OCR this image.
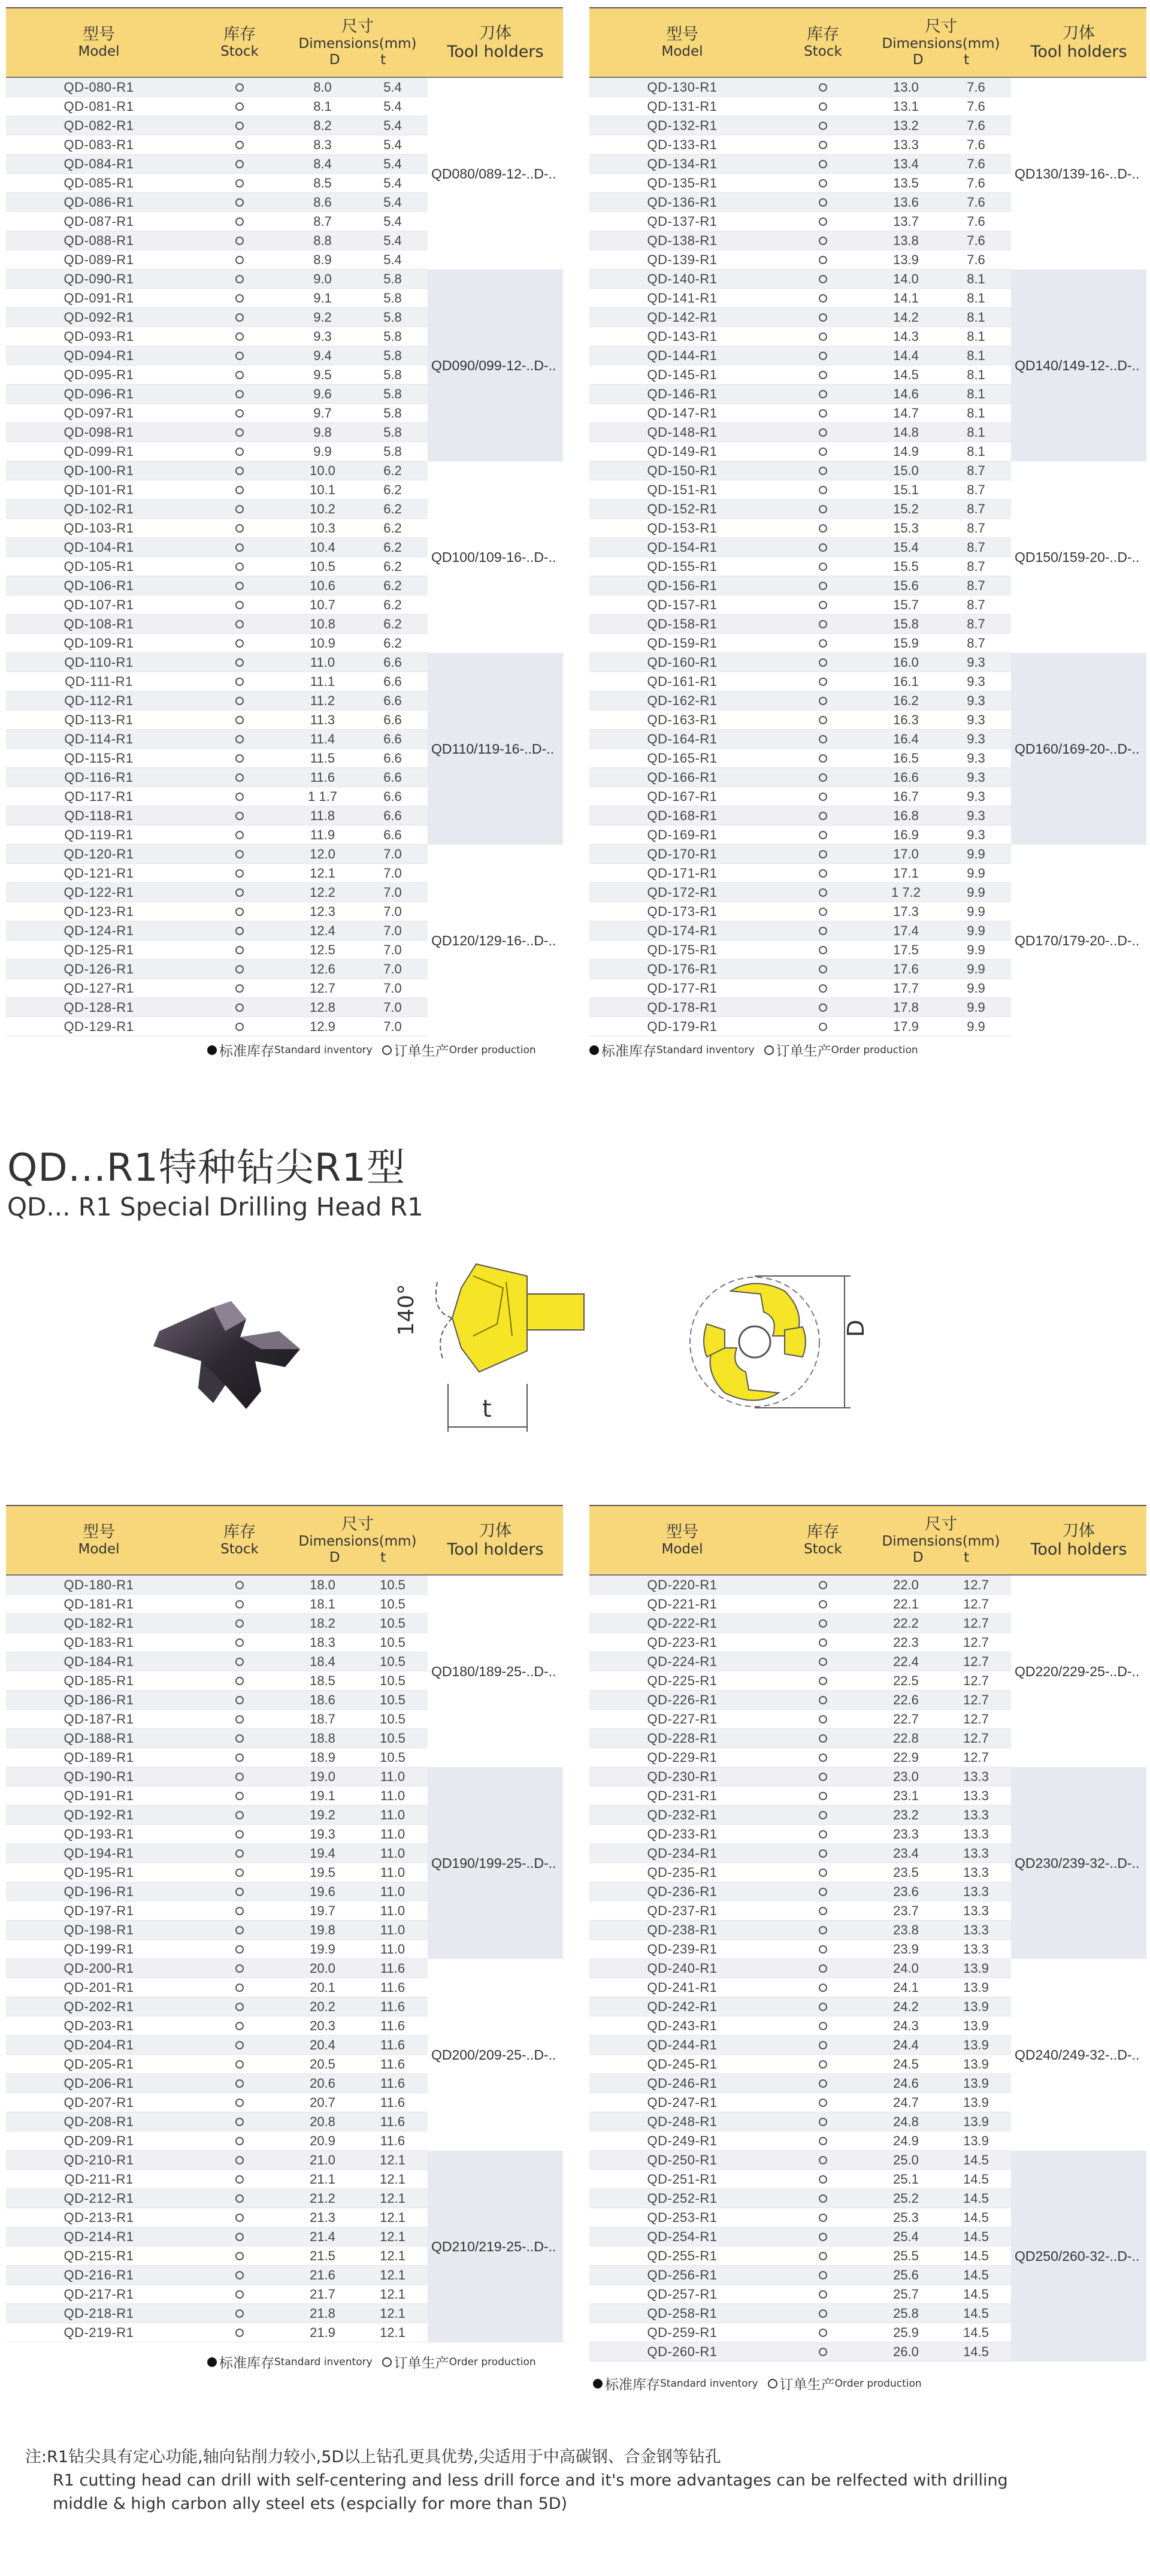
型号
Model
库存
Stock
尺寸
Dimensions(mm)
D	t
刀体
Tool holders
QD-080-R1	8.0	5.4
QD-081-R1	8.1	5.4
QD-082-R1	8.2	5.4
QD-083-R1	8.3	5.4
QD-084-R1	8.4	5.4
QD-085-R1	8.5	5.4
QD-086-R1	8.6	5.4
QD-087-R1	8.7	5.4
QD-088-R1	8.8	5.4
QD-089-R1	8.9	5.4
QD-090-R1	9.0	5.8
QD-091-R1	9.1	5.8
QD-092-R1	9.2	5.8
QD-093-R1	9.3	5.8
QD-094-R1	9.4	5.8
QD-095-R1	9.5	5.8
QD-096-R1	9.6	5.8
QD-097-R1	9.7	5.8
QD-098-R1	9.8	5.8
QD-099-R1	9.9	5.8
QD-100-R1	10.0	6.2
QD-101-R1	10.1	6.2
QD-102-R1	10.2	6.2
QD-103-R1	10.3	6.2
QD-104-R1	10.4	6.2
QD-105-R1	10.5	6.2
QD-106-R1	10.6	6.2
QD-107-R1	10.7	6.2
QD-108-R1	10.8	6.2
QD-109-R1	10.9	6.2
QD-110-R1	11.0	6.6
QD-111-R1	11.1	6.6
QD-112-R1	11.2	6.6
QD-113-R1	11.3	6.6
QD-114-R1	11.4	6.6
QD-115-R1	11.5	6.6
QD-116-R1	11.6	6.6
QD-117-R1	1 1.7	6.6
QD-118-R1	11.8	6.6
QD-119-R1	11.9	6.6
QD-120-R1	12.0	7.0
QD-121-R1	12.1	7.0
QD-122-R1	12.2	7.0
QD-123-R1	12.3	7.0
QD-124-R1	12.4	7.0
QD-125-R1	12.5	7.0
QD-126-R1	12.6	7.0
QD-127-R1	12.7	7.0
QD-128-R1	12.8	7.0
QD-129-R1	12.9	7.0
QD080/089-12-..D-..
QD090/099-12-..D-..
QD100/109-16-..D-..
QD110/119-16-..D-..
QD120/129-16-..D-..
型号
Model
库存
Stock
尺寸
Dimensions(mm)
D	t
刀体
Tool holders
QD-130-R1	13.0	7.6
QD-131-R1	13.1	7.6
QD-132-R1	13.2	7.6
QD-133-R1	13.3	7.6
QD-134-R1	13.4	7.6
QD-135-R1	13.5	7.6
QD-136-R1	13.6	7.6
QD-137-R1	13.7	7.6
QD-138-R1	13.8	7.6
QD-139-R1	13.9	7.6
QD-140-R1	14.0	8.1
QD-141-R1	14.1	8.1
QD-142-R1	14.2	8.1
QD-143-R1	14.3	8.1
QD-144-R1	14.4	8.1
QD-145-R1	14.5	8.1
QD-146-R1	14.6	8.1
QD-147-R1	14.7	8.1
QD-148-R1	14.8	8.1
QD-149-R1	14.9	8.1
QD-150-R1	15.0	8.7
QD-151-R1	15.1	8.7
QD-152-R1	15.2	8.7
QD-153-R1	15.3	8.7
QD-154-R1	15.4	8.7
QD-155-R1	15.5	8.7
QD-156-R1	15.6	8.7
QD-157-R1	15.7	8.7
QD-158-R1	15.8	8.7
QD-159-R1	15.9	8.7
QD-160-R1	16.0	9.3
QD-161-R1	16.1	9.3
QD-162-R1	16.2	9.3
QD-163-R1	16.3	9.3
QD-164-R1	16.4	9.3
QD-165-R1	16.5	9.3
QD-166-R1	16.6	9.3
QD-167-R1	16.7	9.3
QD-168-R1	16.8	9.3
QD-169-R1	16.9	9.3
QD-170-R1	17.0	9.9
QD-171-R1	17.1	9.9
QD-172-R1	1 7.2	9.9
QD-173-R1	17.3	9.9
QD-174-R1	17.4	9.9
QD-175-R1	17.5	9.9
QD-176-R1	17.6	9.9
QD-177-R1	17.7	9.9
QD-178-R1	17.8	9.9
QD-179-R1	17.9	9.9
QD130/139-16-..D-..
QD140/149-12-..D-..
QD150/159-20-..D-..
QD160/169-20-..D-..
QD170/179-20-..D-..
标准库存 Standard inventory 订单生产 Order production	标准库存 Standard inventory 订单生产 Order production
QD...R1特种钻尖R1型
QD... R1 Special Drilling Head R1
140°
t
D
型号
Model
库存
Stock
尺寸
Dimensions(mm)
D	t
刀体
Tool holders
QD-180-R1	18.0	10.5
QD-181-R1	18.1	10.5
QD-182-R1	18.2	10.5
QD-183-R1	18.3	10.5
QD-184-R1	18.4	10.5
QD-185-R1	18.5	10.5
QD-186-R1	18.6	10.5
QD-187-R1	18.7	10.5
QD-188-R1	18.8	10.5
QD-189-R1	18.9	10.5
QD-190-R1	19.0	11.0
QD-191-R1	19.1	11.0
QD-192-R1	19.2	11.0
QD-193-R1	19.3	11.0
QD-194-R1	19.4	11.0
QD-195-R1	19.5	11.0
QD-196-R1	19.6	11.0
QD-197-R1	19.7	11.0
QD-198-R1	19.8	11.0
QD-199-R1	19.9	11.0
QD-200-R1	20.0	11.6
QD-201-R1	20.1	11.6
QD-202-R1	20.2	11.6
QD-203-R1	20.3	11.6
QD-204-R1	20.4	11.6
QD-205-R1	20.5	11.6
QD-206-R1	20.6	11.6
QD-207-R1	20.7	11.6
QD-208-R1	20.8	11.6
QD-209-R1	20.9	11.6
QD-210-R1	21.0	12.1
QD-211-R1	21.1	12.1
QD-212-R1	21.2	12.1
QD-213-R1	21.3	12.1
QD-214-R1	21.4	12.1
QD-215-R1	21.5	12.1
QD-216-R1	21.6	12.1
QD-217-R1	21.7	12.1
QD-218-R1	21.8	12.1
QD-219-R1	21.9	12.1
QD180/189-25-..D-..
QD190/199-25-..D-..
QD200/209-25-..D-..
QD210/219-25-..D-..
型号
Model
库存
Stock
尺寸
Dimensions(mm)
D	t
刀体
Tool holders
QD-220-R1	22.0	12.7
QD-221-R1	22.1	12.7
QD-222-R1	22.2	12.7
QD-223-R1	22.3	12.7
QD-224-R1	22.4	12.7
QD-225-R1	22.5	12.7
QD-226-R1	22.6	12.7
QD-227-R1	22.7	12.7
QD-228-R1	22.8	12.7
QD-229-R1	22.9	12.7
QD-230-R1	23.0	13.3
QD-231-R1	23.1	13.3
QD-232-R1	23.2	13.3
QD-233-R1	23.3	13.3
QD-234-R1	23.4	13.3
QD-235-R1	23.5	13.3
QD-236-R1	23.6	13.3
QD-237-R1	23.7	13.3
QD-238-R1	23.8	13.3
QD-239-R1	23.9	13.3
QD-240-R1	24.0	13.9
QD-241-R1	24.1	13.9
QD-242-R1	24.2	13.9
QD-243-R1	24.3	13.9
QD-244-R1	24.4	13.9
QD-245-R1	24.5	13.9
QD-246-R1	24.6	13.9
QD-247-R1	24.7	13.9
QD-248-R1	24.8	13.9
QD-249-R1	24.9	13.9
QD-250-R1	25.0	14.5
QD-251-R1	25.1	14.5
QD-252-R1	25.2	14.5
QD-253-R1	25.3	14.5
QD-254-R1	25.4	14.5
QD-255-R1	25.5	14.5
QD-256-R1	25.6	14.5
QD-257-R1	25.7	14.5
QD-258-R1	25.8	14.5
QD-259-R1	25.9	14.5
QD-260-R1	26.0	14.5
QD220/229-25-..D-..
QD230/239-32-..D-..
QD240/249-32-..D-..
QD250/260-32-..D-..
标准库存 Standard inventory 订单生产 Order production
标准库存 Standard inventory 订单生产 Order production
注:R1钻尖具有定心功能,轴向钻削力较小,5D以上钻孔更具优势,尖适用于中高碳钢、合金钢等钻孔
R1 cutting head can drill with self-centering and less drill force and it's more advantages can be relfected with drilling
middle & high carbon ally steel ets (espcially for more than 5D)
